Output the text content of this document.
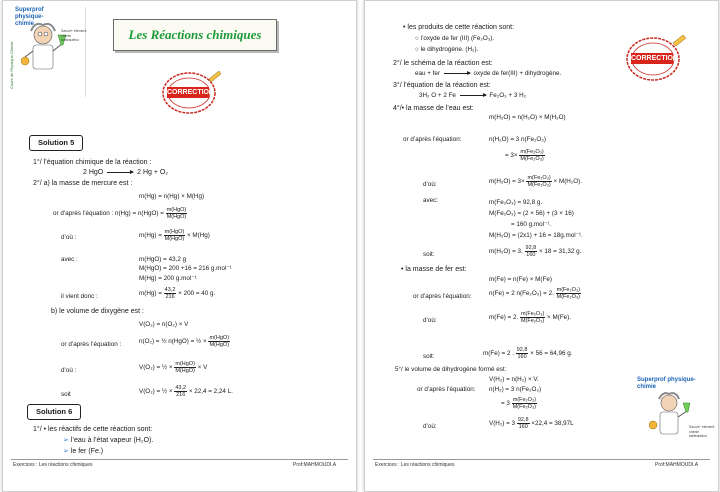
Superprof physique-chimie
Savoir+ élément chimie tableautéco
Cours de Physique-Chimie
Les Réactions chimiques
CORRECTION
Solution 5
1°/ l’équation chimique de la réaction :
2 HgO → 2 Hg + O₂
2°/ a) la masse de mercure est :
m(Hg) = n(Hg) × M(Hg)
or d’après l’équation : $n(Hg) = n(HgO) = \frac{\text{m(HgO)}}{\text{M(HgO)}}$
d’où :	$m(Hg) = \frac{\text{m(HgO)}}{\text{M(HgO)}} \times M(Hg)$
avec :	m(HgO) = 43,2 g
M(HgO) = 200 +16 = 216 g.mol⁻¹
M(Hg) = 200 g.mol⁻¹
il vient donc :	$m(Hg) = \frac{43,2}{216} \times 200 = 40$ g.
b) le volume de dixygène est :
V(O₂) = n(O₂) × V
or d’après l’équation :	n(O₂) = ½ n(HgO) = ½ × $\frac{\text{m(HgO)}}{\text{M(HgO)}}$
d’où :	V(O₂) = ½ × $\frac{\text{m(HgO)}}{\text{M(HgO)}} \times V$
soit	V(O₂) = ½ × $\frac{43,2}{216} \times 22,4 = 2,24$ L.
Solution 6
1°/ • les réactifs de cette réaction sont:
➢ l’eau à l’état vapeur (H₂O).
➢ le fer (Fe.)
Exercices : Les réactions chimiques	Prof:MAHMOUDI.A
• les produits de cette réaction sont:
○ l’oxyde de fer (III) (Fe₂O₃).
○ le dihydrogène. (H₂).
2°/ le schéma de la réaction est:
eau + fer	oxyde de fer(III) + dihydrogène.
3°/ l’équation de la réaction est:
3H₂ O + 2 Fe	Fe₂O₃ + 3 H₂
4°/• la masse de l’eau est:
m(H₂O) = n(H₂O) × M(H₂O)
or d’après l’équation:	n(H₂O) = 3 n(Fe₂O₃)
= $3\times \frac{\text{m(Fe₂O₃)}}{\text{M(Fe₂O₃)}}$
d’où:	$m(H_2O) = 3\times \frac{\text{m(Fe₂O₃)}}{\text{M(Fe₂O₃)}} \times M(H_2O)$.
avec:	m(Fe₂O₃) = 92,8 g.
M(Fe₂O₃) = (2 × 56) + (3 × 16)
= 160 g.mol⁻¹.
M(H₂O) = (2x1) + 16 = 18g.mol⁻¹.
soit:	m(H₂O) = 3. $\frac{92,8}{160} \times 18 = 31,32$ g.
• la masse de fer est:
m(Fe) = n(Fe) × M(Fe)
or d’après l’équation:	n(Fe) = 2 n(Fe₂O₃) = 2. $\frac{\text{m(Fe₂O₃)}}{\text{M(Fe₂O₃)}}$
d’où:	m(Fe) = 2. $\frac{\text{m(Fe₂O₃)}}{\text{M(Fe₂O₃)}} \times M(Fe)$.
soit:	m(Fe) = 2 . $\frac{92,8}{160} \times 56 = 64,96$ g.
5°/ le volume de dihydrogène formé est:
V(H₂) = n(H₂) × V.
or d’après l’équation: n(H₂) = 3 n(Fe₂O₃)
= $3 \frac{\text{m(Fe₂O₃)}}{\text{M(Fe₂O₃)}}$
d’où:	$V(H_2) = 3 \frac{92,8}{160} \times 22,4 = 38,97L$
CORRECTION
Superprof physique-chimie
Savoir+ élément chimie tableautéco
Exercices : Les réactions chimiques	Prof:MAHMOUDI.A
